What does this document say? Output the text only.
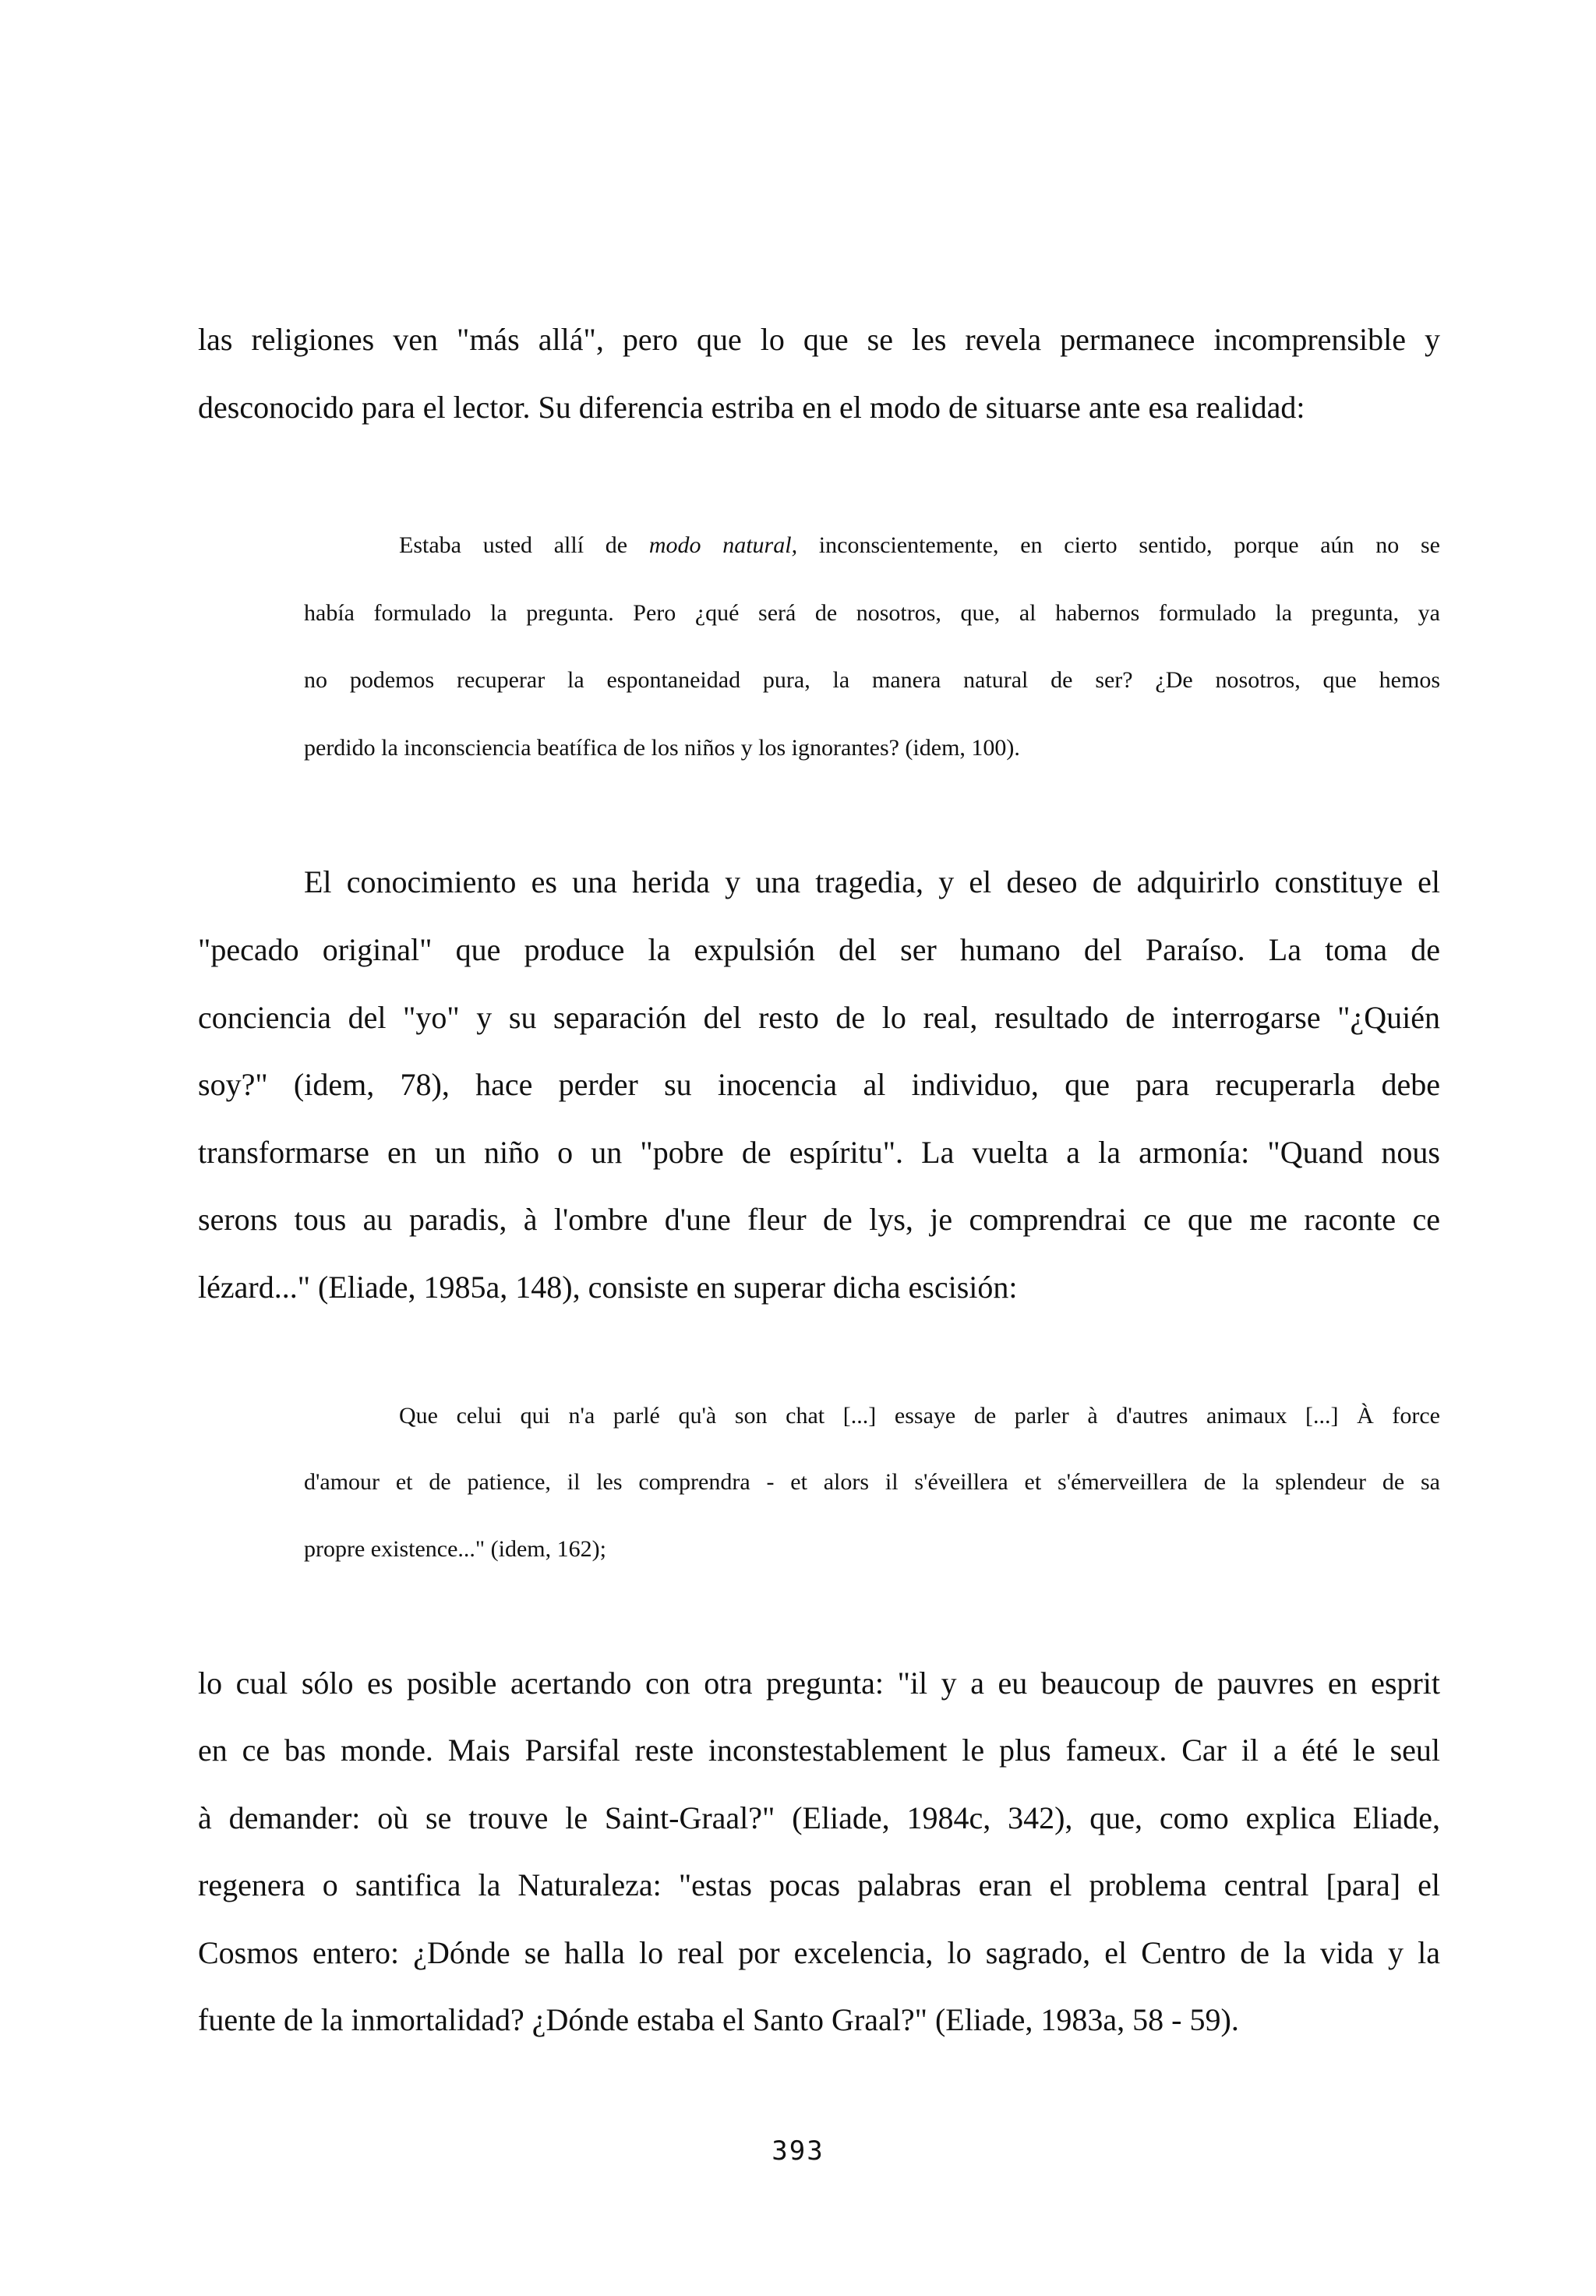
las religiones ven "más allá", pero que lo que se les revela permanece incomprensible y
desconocido para el lector. Su diferencia estriba en el modo de situarse ante esa realidad:
Estaba usted allí de modo natural, inconscientemente, en cierto sentido, porque aún no se
había formulado la pregunta. Pero ¿qué será de nosotros, que, al habernos formulado la pregunta, ya
no podemos recuperar la espontaneidad pura, la manera natural de ser? ¿De nosotros, que hemos
perdido la inconsciencia beatífica de los niños y los ignorantes? (idem, 100).
El conocimiento es una herida y una tragedia, y el deseo de adquirirlo constituye el
"pecado original" que produce la expulsión del ser humano del Paraíso. La toma de
conciencia del "yo" y su separación del resto de lo real, resultado de interrogarse "¿Quién
soy?" (idem, 78), hace perder su inocencia al individuo, que para recuperarla debe
transformarse en un niño o un "pobre de espíritu". La vuelta a la armonía: "Quand nous
serons tous au paradis, à l'ombre d'une fleur de lys, je comprendrai ce que me raconte ce
lézard..." (Eliade, 1985a, 148), consiste en superar dicha escisión:
Que celui qui n'a parlé qu'à son chat [...] essaye de parler à d'autres animaux [...] À force
d'amour et de patience, il les comprendra - et alors il s'éveillera et s'émerveillera de la splendeur de sa
propre existence..." (idem, 162);
lo cual sólo es posible acertando con otra pregunta: "il y a eu beaucoup de pauvres en esprit
en ce bas monde. Mais Parsifal reste inconstestablement le plus fameux. Car il a été le seul
à demander: où se trouve le Saint-Graal?" (Eliade, 1984c, 342), que, como explica Eliade,
regenera o santifica la Naturaleza: "estas pocas palabras eran el problema central [para] el
Cosmos entero: ¿Dónde se halla lo real por excelencia, lo sagrado, el Centro de la vida y la
fuente de la inmortalidad? ¿Dónde estaba el Santo Graal?" (Eliade, 1983a, 58 - 59).
393
